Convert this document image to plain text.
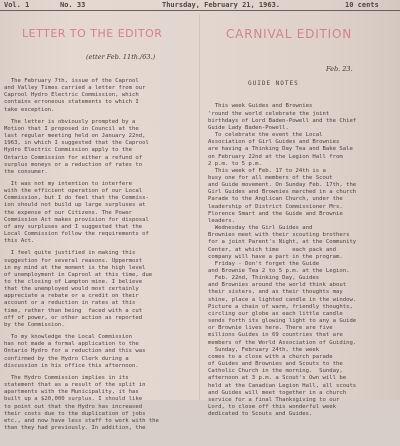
Vol. 1	No. 33	Thursday, February 21, 1963.	10 cents

LETTER TO THE EDITOR

(etter Feb. 11th./63.)

The February 7th, issue of the Caprool
and Valley Times carried a letter from our
Caprool Hydro Electric Commission, which
contains erroneous statements to which I
take exception.

The letter is obviously prompted by a
Motion that I proposed in Council at the
last regular meeting held on January 22nd,
1963, in which I suggested that the Caprool
Hydro Electric Commission apply to the
Ontario Commission for either a refund of
surplus moneys or a reduction of rates to
the consumer.

It was not my intention to interfere
with the efficient operation of our Local
Commission, but I do feel that the Commiss-
ion should not build up large surpluses at
the expense of our Citizens. The Power
Commission Act makes provision for disposal
of any surpluses and I suggested that the
Local Commission follow the requirements of
this Act.

I feel quite justified in making this
suggestion for several reasons. Uppermost
in my mind at the moment is the high level
of unemployment in Caprool at this time, due
to the closing of Lampton mine. I believe
that the unemployed would most certainly
appreciate a rebate or a credit on their
account or a reduction in rates at this
time, rather than being  faced with a cut
off of power, or other action as reported
by the Commission.

To my knowledge the Local Commission
has not made a formal application to the
Ontario Hydro for a reduction and this was
confirmed by the Hydro Clerk during a
discussion in his office this afternoon.

The Hydro Commission implies in its
statement that as a result of the split in
apartments with the Municipality, it has
built up a $20,000 surplus. I should like
to point out that the Hydro has increased
their costs due to the duplication of jobs
etc., and now have less staff to work with the
than they had previously. In addition, the

CARNIVAL EDITION

Feb. 23.

GUIDE NOTES

This week Guides and Brownies
'round the world celebrate the joint
birthdays of Lord Baden-Powell and the Chief
Guide Lady Baden-Powell.
To celebrate the event the Local
Association of Girl Guides and Brownies
are having a Thinking Day Tea and Bake Sale
on February 22nd at the Legion Hall from
2 p.m. to 5 p.m.
This week of Feb. 17 to 24th is a
busy one for all members of the Scout
and Guide movement. On Sunday Feb. 17th, the
Girl Guides and Brownies marched in a church
Parade to the Anglican Church, under the
leadership of District Commissioner Mrs.
Florence Smart and the Guide and Brownie
leaders.
Wednesday the Girl Guides and
Brownies meet with their scouting brothers
for a joint Parent's Night, at the Community
Center, at which time    each pack and
company will have a part in the program.
Friday - Don't forget the Guide
and Brownie Tea 2 to 5 p.m. at the Legion.
Feb. 22nd, Thinking Day, Guides
and Brownies around the world think about
their sisters, and as their thoughts may
shine, place a lighted candle in the window.
Picture a chain of warm, friendly thoughts,
circling our globe as each little candle
sends forth its glowing light to any a Guide
or Brownie lives here. There are five
millions Guides in 69 countries that are
members of the World Association of Guiding.
Sunday, February 24th, the week
comes to a close with a church parade
of Guides and Brownies and Scouts to the
Catholic Church in the morning.  Sunday,
afternoon at 3 p.m. a Scout's Own will be
held at the Canadian Legion Hall, all scouts
and Guides will meet together in a church
service for a final Thanksgiving to our
Lord, to close off this wonderful week
dedicated to Scouts and Guides.
